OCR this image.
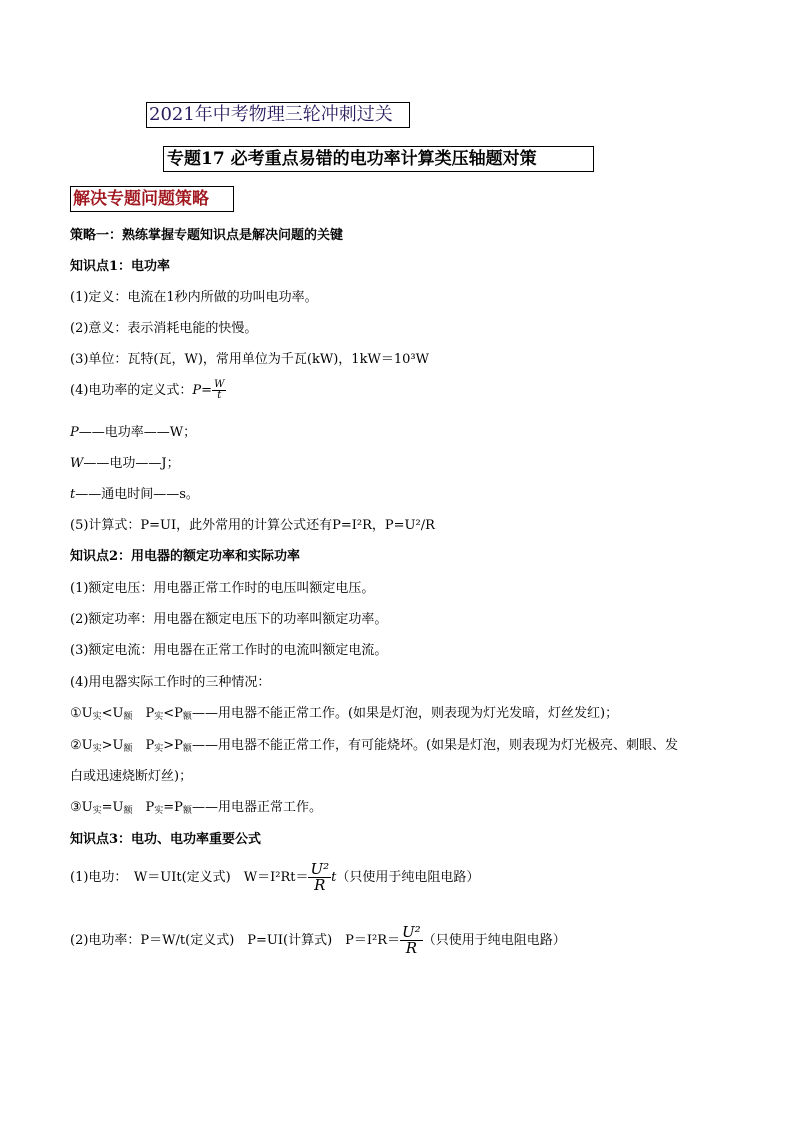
2021年中考物理三轮冲刺过关
专题17 必考重点易错的电功率计算类压轴题对策
解决专题问题策略
策略一：熟练掌握专题知识点是解决问题的关键
知识点1：电功率
(1)定义：电流在1秒内所做的功叫电功率。
(2)意义：表示消耗电能的快慢。
(3)单位：瓦特(瓦，W)，常用单位为千瓦(kW)，1kW＝10³W
(4)电功率的定义式：$P= \frac{W}{t}$
P——电功率——W；
W——电功——J；
t——通电时间——s。
(5)计算式：P=UI，此外常用的计算公式还有P=I²R，P=U²/R
知识点2：用电器的额定功率和实际功率
(1)额定电压：用电器正常工作时的电压叫额定电压。
(2)额定功率：用电器在额定电压下的功率叫额定功率。
(3)额定电流：用电器在正常工作时的电流叫额定电流。
(4)用电器实际工作时的三种情况：
$①U_实<U_额$　$P_实<P_额——$用电器不能正常工作。(如果是灯泡，则表现为灯光发暗，灯丝发红)；
$②U_实>U_额$　$P_实>P_额——$用电器不能正常工作，有可能烧坏。(如果是灯泡，则表现为灯光极亮、刺眼、发
白或迅速烧断灯丝)；
$③U_实=U_额$　$P_实=P_额——$用电器正常工作。
知识点3：电功、电功率重要公式
(1)电功：　W＝UIt(定义式)　$W=I^2Rt= \frac{\text{U²}}{R} t$（只使用于纯电阻电路）
(2)电功率：P＝W/t(定义式)　P=UI(计算式)　$P=I^2R= \frac{\text{U²}}{R}$ （只使用于纯电阻电路）
